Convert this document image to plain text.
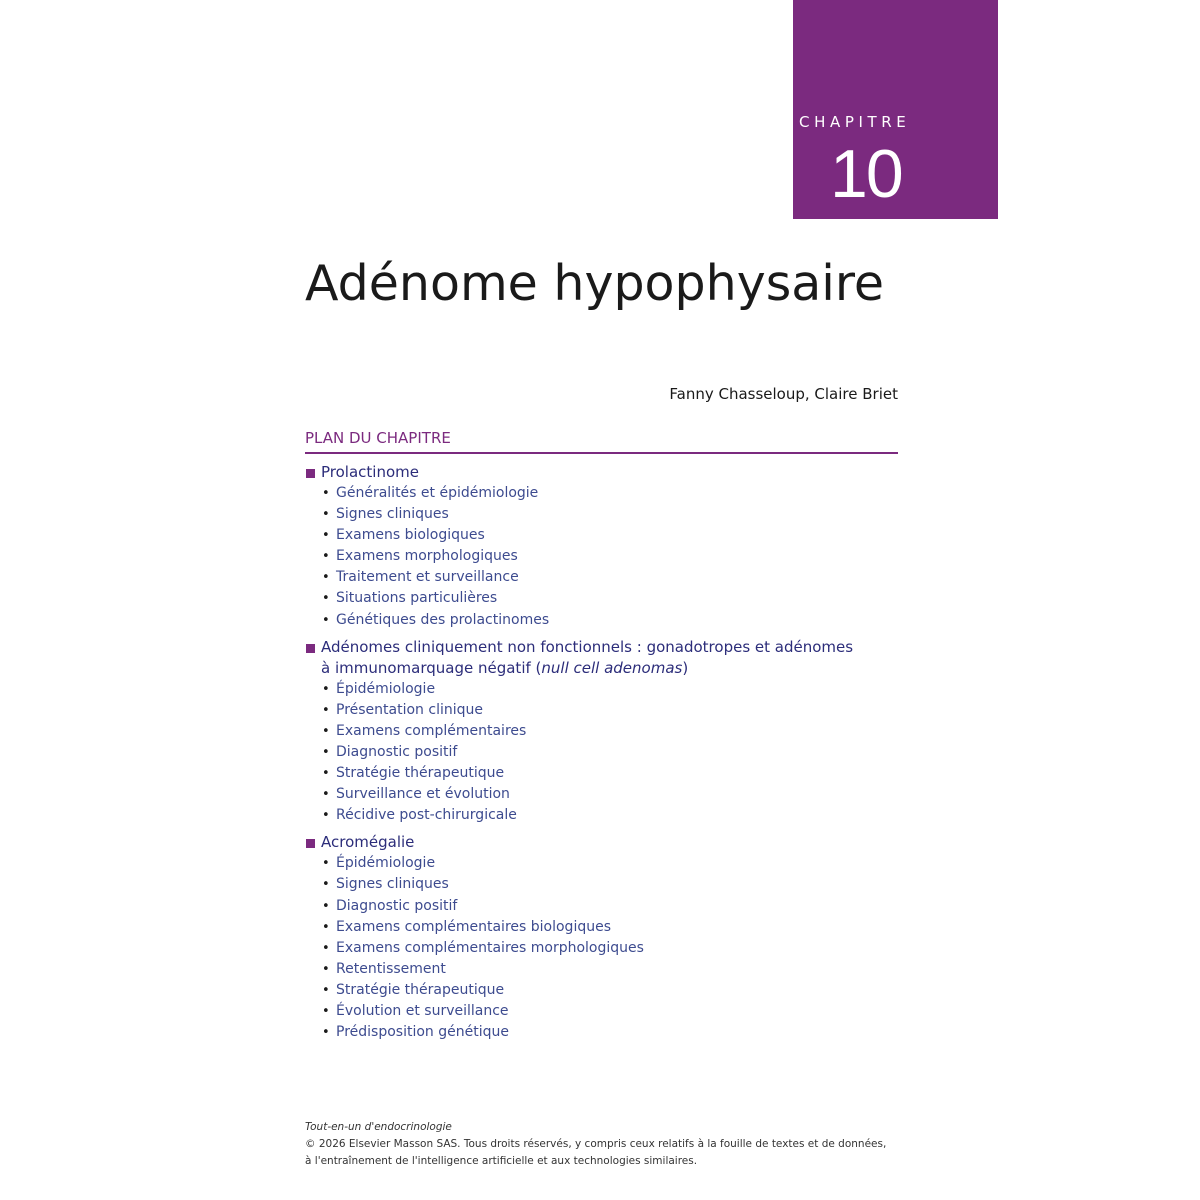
CHAPITRE
10
Adénome hypophysaire
Fanny Chasseloup, Claire Briet
PLAN DU CHAPITRE
Prolactinome
• Généralités et épidémiologie
• Signes cliniques
• Examens biologiques
• Examens morphologiques
• Traitement et surveillance
• Situations particulières
• Génétiques des prolactinomes
Adénomes cliniquement non fonctionnels : gonadotropes et adénomes
à immunomarquage négatif (null cell adenomas)
• Épidémiologie
• Présentation clinique
• Examens complémentaires
• Diagnostic positif
• Stratégie thérapeutique
• Surveillance et évolution
• Récidive post-chirurgicale
Acromégalie
• Épidémiologie
• Signes cliniques
• Diagnostic positif
• Examens complémentaires biologiques
• Examens complémentaires morphologiques
• Retentissement
• Stratégie thérapeutique
• Évolution et surveillance
• Prédisposition génétique
Tout-en-un d'endocrinologie
© 2026 Elsevier Masson SAS. Tous droits réservés, y compris ceux relatifs à la fouille de textes et de données,
à l'entraînement de l'intelligence artificielle et aux technologies similaires.
